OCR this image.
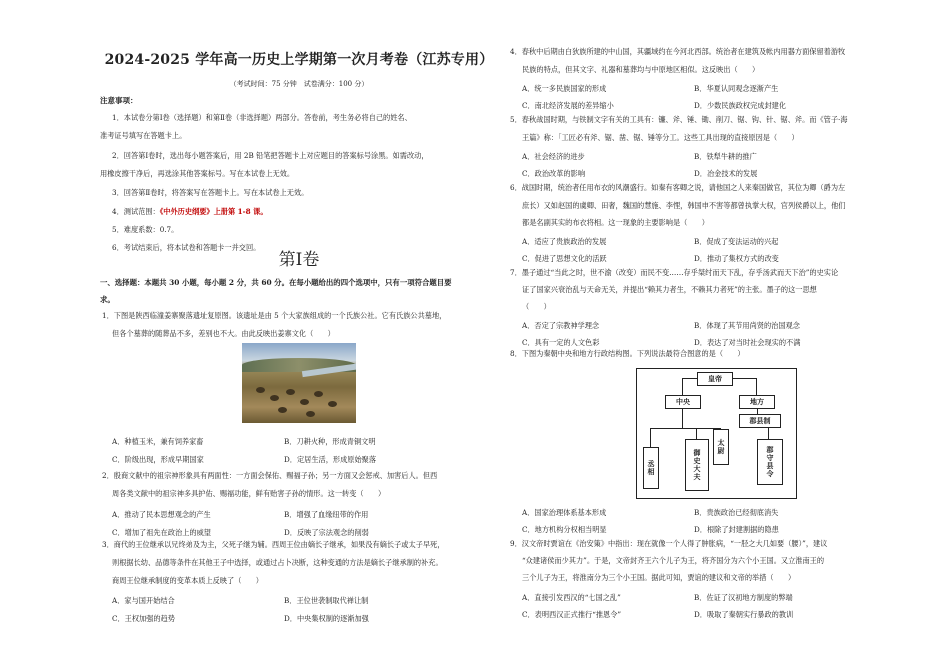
2024-2025 学年高一历史上学期第一次月考卷（江苏专用）
（考试时间：75 分钟　试卷满分：100 分）
注意事项：

1．本试卷分第Ⅰ卷（选择题）和第Ⅱ卷（非选择题）两部分。答卷前，考生务必将自己的姓名、

准考证号填写在答题卡上。

2．回答第Ⅰ卷时，选出每小题答案后，用 2B 铅笔把答题卡上对应题目的答案标号涂黑。如需改动，

用橡皮擦干净后，再选涂其他答案标号。写在本试卷上无效。

3．回答第Ⅱ卷时，将答案写在答题卡上。写在本试卷上无效。

4．测试范围：《中外历史纲要》上册第 1-8 课。

5．难度系数：0.7。

6．考试结束后，将本试卷和答题卡一并交回。

第Ⅰ卷
一、选择题：本题共 30 小题，每小题 2 分，共 60 分。在每小题给出的四个选项中，只有一项符合题目要
求。

1．下图是陕西临潼姜寨聚落遗址复原图。该遗址是由 5 个大家族组成的一个氏族公社。它有氏族公共墓地，

但各个墓葬的随葬品不多，差别也不大。由此反映出姜寨文化（　　）

A．种植玉米，兼有饲养家畜	B．刀耕火种，形成青铜文明
C．阶级出现，形成早期国家	D．定居生活，形成原始聚落

2．殷商文献中的祖宗神形象具有两面性：一方面会保佑、赐福子孙；另一方面又会惩戒、加害后人。但西

周各类文献中的祖宗神多具护佑、赐福功能，鲜有贻害子孙的情形。这一转变（　　）

A．推动了民本思想观念的产生	B．增强了血缘纽带的作用
C．增加了祖先在政治上的威望	D．反映了宗法观念的削弱

3．商代的王位继承以兄终弟及为主，父死子继为辅。西周王位由嫡长子继承，如果没有嫡长子或太子早死，

则根据长幼、品德等条件在其他王子中选择，或通过占卜决断，这种变通的方法是嫡长子继承制的补充。

商周王位继承制度的变革本质上反映了（　　）

A．家与国开始结合	B．王位世袭制取代禅让制
C．王权加强的趋势	D．中央集权制的逐渐加强

4．春秋中后期由白狄族所建的中山国，其疆域约在今河北西部。统治者在建筑及帐内用器方面保留着游牧

民族的特点，但其文字、礼器和墓葬均与中原地区相似。这反映出（　　）

A．统一多民族国家的形成	B．华夏认同观念逐渐产生
C．南北经济发展的差异缩小	D．少数民族政权完成封建化

5．春秋战国时期，与铁制文字有关的工具有：镰、斧、锤、锄、削刀、锯、钩、针、锯、斧。而《管子·海

王篇》称：「工匠必有斧、锯、凿、锯、锤等分工。这些工具出现的直接原因是（　　）

A．社会经济的进步	B．铁犁牛耕的推广
C．政治改革的影响	D．冶金技术的发展

6．战国时期，统治者任用布衣的风潮盛行。如秦有客卿之说，请他国之人来秦国做官，其位为卿（爵为左

庶长）又如赵国的虞卿、田奢，魏国的慧施、李悝，韩国申不害等都曾执掌大权，官列侯爵以上，他们

都是名副其实的布衣将相。这一现象的主要影响是（　　）

A．适应了贵族政治的发展	B．促成了变法运动的兴起
C．促进了思想文化的活跃	D．推动了集权方式的改变

7．墨子通过“当此之时，世不渝（改变）而民不变……存乎桀纣而天下乱，存乎汤武而天下治”的史实论

证了国家兴衰治乱与天命无关，并提出“赖其力者生，不赖其力者死”的主张。墨子的这一思想

（　　）

A．否定了宗教神学理念	B．体现了其节用尚贤的治国观念
C．具有一定的人文色彩	D．表达了对当时社会现实的不满

8．下图为秦朝中央和地方行政结构图。下列说法最符合图意的是（　　）

A．国家治理体系基本形成	B．贵族政治已经彻底消失
C．地方机构分权相当明显	D．根除了封建割据的隐患

9．汉文帝时贾谊在《治安策》中指出：现在就像一个人得了肿胀病，“一胫之大几如要（腰）”，建议

“众建诸侯而少其力”。于是，文帝封齐王六个儿子为王，将齐国分为六个小王国。又立淮南王的

三个儿子为王，将淮南分为三个小王国。据此可知，贾谊的建议和文帝的举措（　　）

A．直接引发西汉的“七国之乱”	B．佐证了汉初地方制度的弊端
C．表明西汉正式推行“推恩令”	D．吸取了秦朝实行暴政的教训
皇帝
中央	地方
郡县制
丞相	御史大夫
太尉	郡守县令
